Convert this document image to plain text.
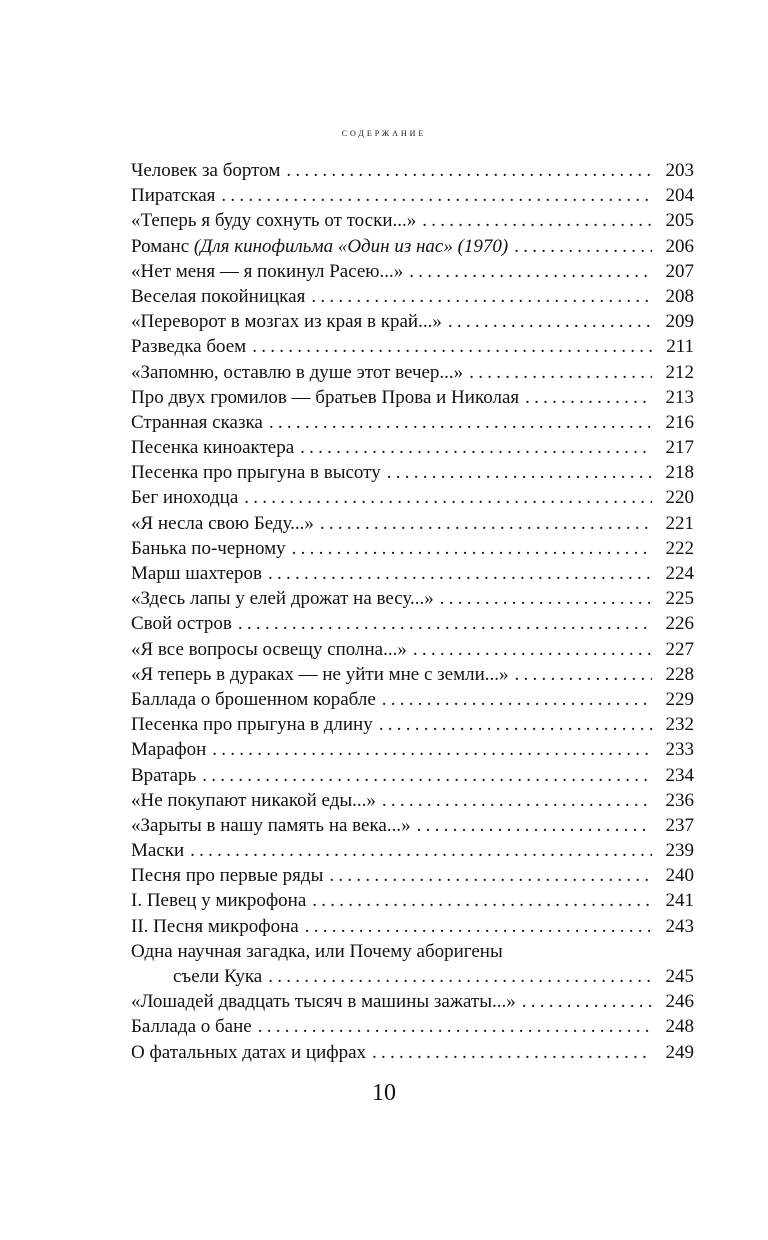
содержание
Человек за бортом . . .	203
Пиратская . . .	204
«Теперь я буду сохнуть от тоски...» . . .	205
Романс (Для кинофильма «Один из нас» (1970) . . .	206
«Нет меня — я покинул Расею...» . . .	207
Веселая покойницкая . . .	208
«Переворот в мозгах из края в край...» . . .	209
Разведка боем . . .	211
«Запомню, оставлю в душе этот вечер...» . . .	212
Про двух громилов — братьев Прова и Николая . . .	213
Странная сказка . . .	216
Песенка киноактера . . .	217
Песенка про прыгуна в высоту . . .	218
Бег иноходца . . .	220
«Я несла свою Беду...» . . .	221
Банька по-черному . . .	222
Марш шахтеров . . .	224
«Здесь лапы у елей дрожат на весу...» . . .	225
Свой остров . . .	226
«Я все вопросы освещу сполна...» . . .	227
«Я теперь в дураках — не уйти мне с земли...» . . .	228
Баллада о брошенном корабле . . .	229
Песенка про прыгуна в длину . . .	232
Марафон . . .	233
Вратарь . . .	234
«Не покупают никакой еды...» . . .	236
«Зарыты в нашу память на века...» . . .	237
Маски . . .	239
Песня про первые ряды . . .	240
I. Певец у микрофона . . .	241
II. Песня микрофона . . .	243
Одна научная загадка, или Почему аборигены
съели Кука . . .	245
«Лошадей двадцать тысяч в машины зажаты...» . . .	246
Баллада о бане . . .	248
О фатальных датах и цифрах . . .	249
10
